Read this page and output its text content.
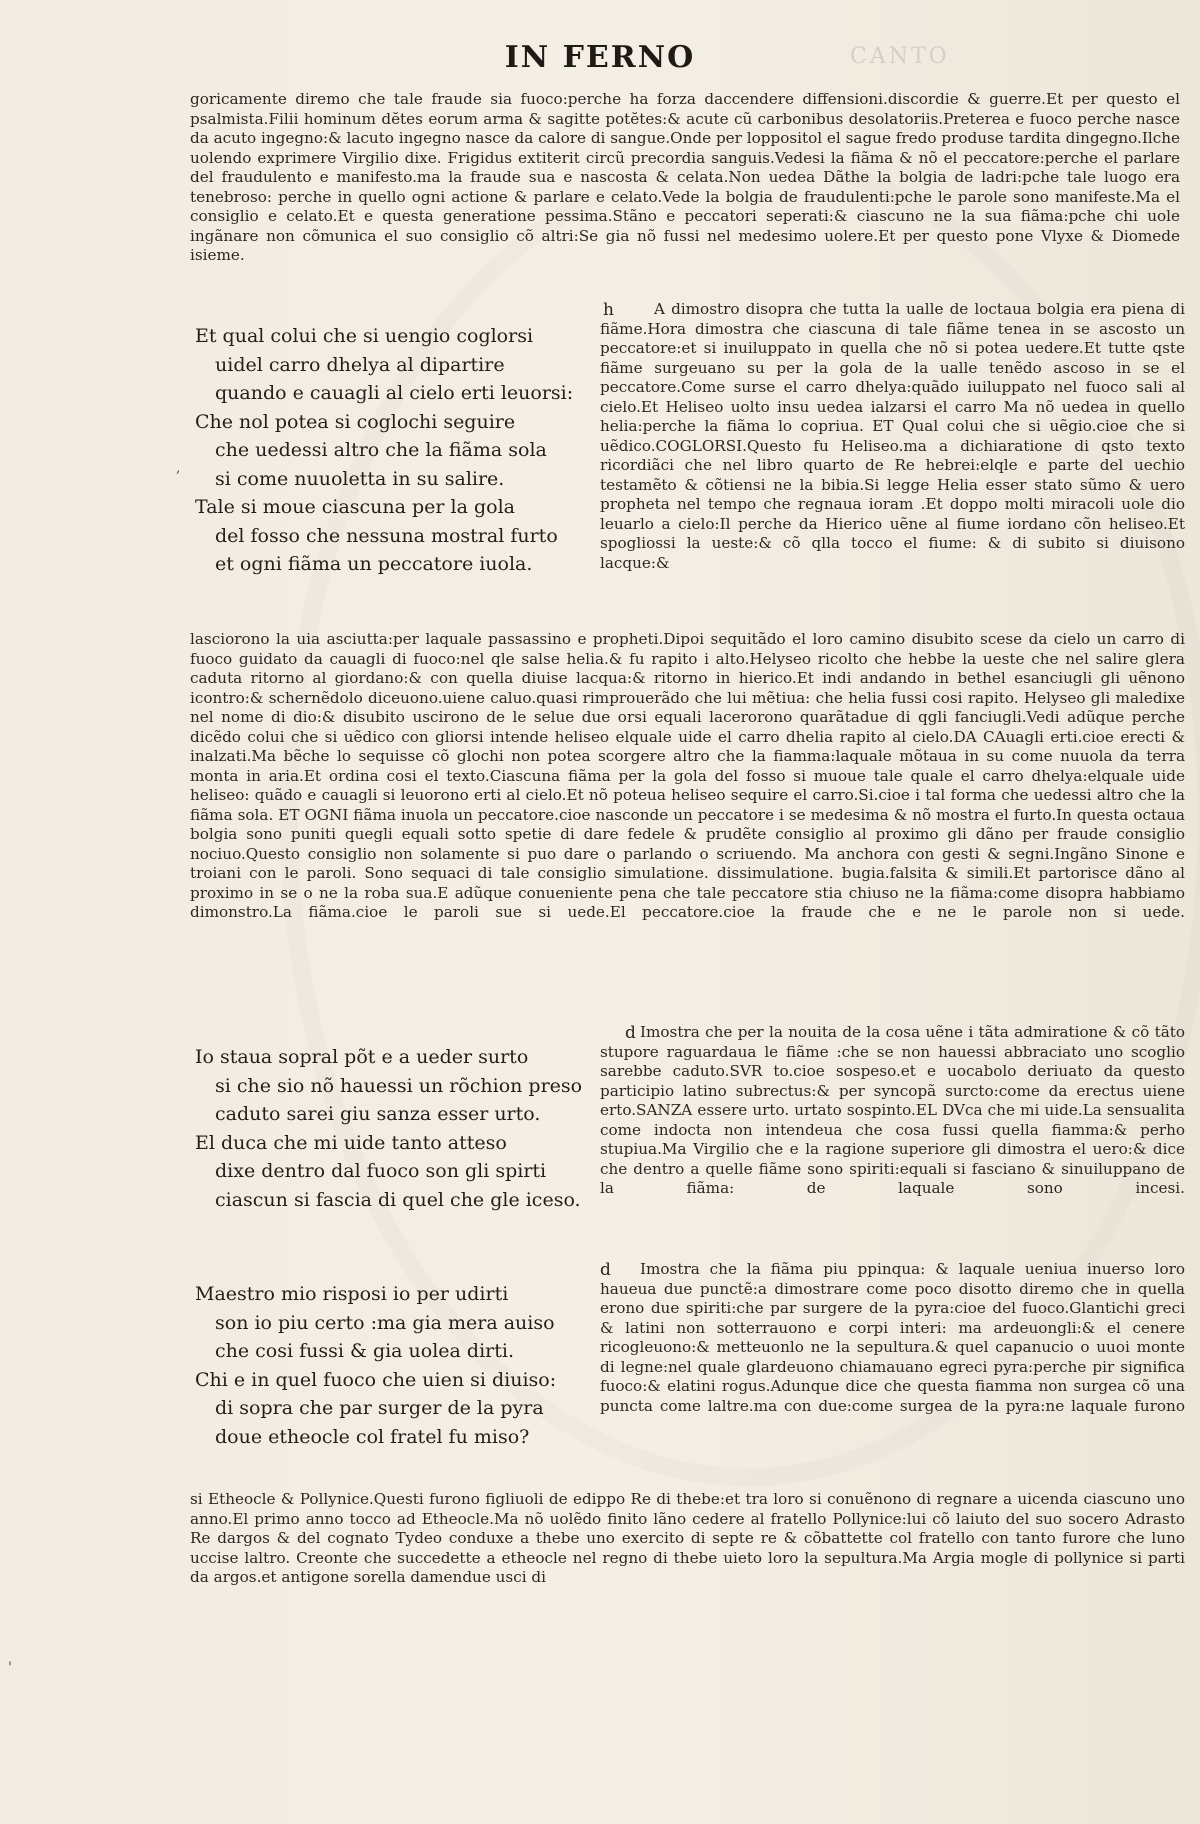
CANTO
IN FERNO

goricamente diremo che tale fraude sia fuoco:perche ha forza daccendere diffensioni.discordie & guerre.Et per questo el psalmista.Filii hominum dĕtes eorum arma & sagitte potĕtes:& acute cũ carbonibus desolatoriis.Preterea e fuoco perche nasce da acuto ingegno:& lacuto ingegno nasce da calore di sangue.Onde per loppositol el sague fredo produse tardita dingegno.Ilche uolendo exprimere Virgilio dixe. Frigidus extiterit circũ precordia sanguis.Vedesi la fiãma & nõ el peccatore:perche el parlare del fraudulento e manifesto.ma la fraude sua e nascosta & celata.Non uedea Dãthe la bolgia de ladri:pche tale luogo era tenebroso: perche in quello ogni actione & parlare e celato.Vede la bolgia de fraudulenti:pche le parole sono manifeste.Ma el consiglio e celato.Et e questa generatione pessima.Stãno e peccatori seperati:& ciascuno ne la sua fiãma:pche chi uole ingãnare non cõmunica el suo consiglio cõ altri:Se gia nõ fussi nel medesimo uolere.Et per questo pone Vlyxe & Diomede isieme.

Et qual colui che si uengio coglorsi
uidel carro dhelya al dipartire
quando e cauagli al cielo erti leuorsi:
Che nol potea si coglochi seguire
che uedessi altro che la fiãma sola
si come nuuoletta in su salire.
Tale si moue ciascuna per la gola
del fosso che nessuna mostral furto
et ogni fiãma un peccatore iuola.
h	A dimostro disopra che tutta la ualle de loctaua bolgia era piena di fiãme.Hora dimostra che ciascuna di tale fiãme tenea in se ascosto un peccatore:et si inuiluppato in quella che nõ si potea uedere.Et tutte qste fiãme surgeuano su per la gola de la ualle tenẽdo ascoso in se el peccatore.Come surse el carro dhelya:quãdo iuiluppato nel fuoco sali al cielo.Et Heliseo uolto insu uedea ialzarsi el carro Ma nõ uedea in quello helia:perche la fiãma lo copriua. ET Qual colui che si uẽgio.cioe che si uẽdico.COGLORSI.Questo fu Heliseo.ma a dichiaratione di qsto texto ricordiãci che nel libro quarto de Re hebrei:elqle e parte del uechio testamẽto & cõtiensi ne la bibia.Si legge Helia esser stato sũmo & uero propheta nel tempo che regnaua ioram .Et doppo molti miracoli uole dio leuarlo a cielo:Il perche da Hierico uẽne al fiume iordano cõn heliseo.Et spogliossi la ueste:& cõ qlla tocco el fiume: & di subito si diuisono lacque:&

lasciorono la uia asciutta:per laquale passassino e propheti.Dipoi sequitãdo el loro camino disubito scese da cielo un carro di fuoco guidato da cauagli di fuoco:nel qle salse helia.& fu rapito i alto.Helyseo ricolto che hebbe la ueste che nel salire glera caduta ritorno al giordano:& con quella diuise lacqua:& ritorno in hierico.Et indi andando in bethel esanciugli gli uẽnono icontro:& schernẽdolo diceuono.uiene caluo.quasi rimprouerãdo che lui mẽtiua: che helia fussi cosi rapito. Helyseo gli maledixe nel nome di dio:& disubito uscirono de le selue due orsi equali lacerorono quarãtadue di qgli fanciugli.Vedi adũque perche dicẽdo colui che si uẽdico con gliorsi intende heliseo elquale uide el carro dhelia rapito al cielo.DA CAuagli erti.cioe erecti & inalzati.Ma bẽche lo sequisse cõ glochi non potea scorgere altro che la fiamma:laquale mõtaua in su come nuuola da terra monta in aria.Et ordina cosi el texto.Ciascuna fiãma per la gola del fosso si muoue tale quale el carro dhelya:elquale uide heliseo: quãdo e cauagli si leuorono erti al cielo.Et nõ poteua heliseo sequire el carro.Si.cioe i tal forma che uedessi altro che la fiãma sola. ET OGNI fiãma inuola un peccatore.cioe nasconde un peccatore i se medesima & nõ mostra el furto.In questa octaua bolgia sono puniti quegli equali sotto spetie di dare fedele & prudẽte consiglio al proximo gli dãno per fraude consiglio nociuo.Questo consiglio non solamente si puo dare o parlando o scriuendo. Ma anchora con gesti & segni.Ingãno Sinone e troiani con le paroli. Sono sequaci di tale consiglio simulatione. dissimulatione. bugia.falsita & simili.Et partorisce dãno al proximo in se o ne la roba sua.E adũque conueniente pena che tale peccatore stia chiuso ne la fiãma:come disopra habbiamo dimonstro.La fiãma.cioe le paroli sue si uede.El peccatore.cioe la fraude che e ne le parole non si uede.

d
Io staua sopral põt e a ueder surto
si che sio nõ hauessi un rõchion preso
caduto sarei giu sanza esser urto.
El duca che mi uide tanto atteso
dixe dentro dal fuoco son gli spirti
ciascun si fascia di quel che gle iceso.

Imostra che per la nouita de la cosa uẽne i tãta admiratione & cõ tãto stupore raguardaua le fiãme :che se non hauessi abbraciato uno scoglio sarebbe caduto.SVR to.cioe sospeso.et e uocabolo deriuato da questo participio latino subrectus:& per syncopã surcto:come da erectus uiene erto.SANZA essere urto. urtato sospinto.EL DVca che mi uide.La sensualita come indocta non intendeua che cosa fussi quella fiamma:& perho stupiua.Ma Virgilio che e la ragione superiore gli dimostra el uero:& dice che dentro a quelle fiãme sono spiriti:equali si fasciano & sinuiluppano de la fiãma: de laquale sono incesi.

d
Maestro mio risposi io per udirti
son io piu certo :ma gia mera auiso
che cosi fussi & gia uolea dirti.
Chi e in quel fuoco che uien si diuiso:
di sopra che par surger de la pyra
doue etheocle col fratel fu miso?

Imostra che la fiãma piu ppinqua: & laquale ueniua inuerso loro haueua due punctẽ:a dimostrare come poco disotto diremo che in quella erono due spiriti:che par surgere de la pyra:cioe del fuoco.Glantichi greci & latini non sotterrauono e corpi interi: ma ardeuongli:& el cenere ricogleuono:& metteuonlo ne la sepultura.& quel capanucio o uuoi monte di legne:nel quale glardeuono chiamauano egreci pyra:perche pir significa fuoco:& elatini rogus.Adunque dice che questa fiamma non surgea cõ una puncta come laltre.ma con due:come surgea de la pyra:ne laquale furono

si Etheocle & Pollynice.Questi furono figliuoli de edippo Re di thebe:et tra loro si conuẽnono di regnare a uicenda ciascuno uno anno.El primo anno tocco ad Etheocle.Ma nõ uolẽdo finito lãno cedere al fratello Pollynice:lui cõ laiuto del suo socero Adrasto Re dargos & del cognato Tydeo conduxe a thebe uno exercito di septe re & cõbattette col fratello con tanto furore che luno uccise laltro. Creonte che succedette a etheocle nel regno di thebe uieto loro la sepultura.Ma Argia mogle di pollynice si parti da argos.et antigone sorella damendue usci di

,
'
